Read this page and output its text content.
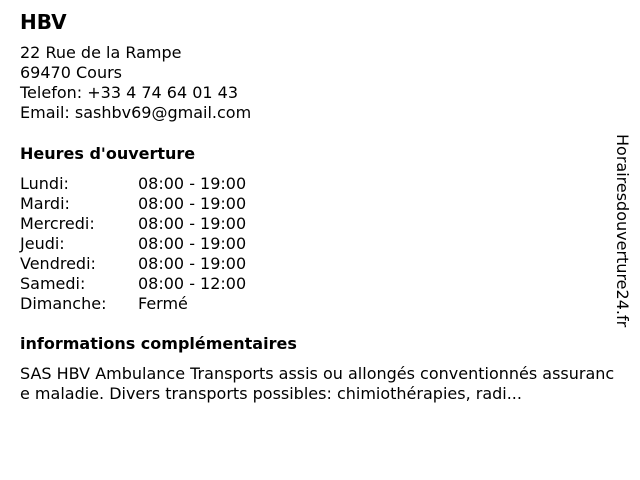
HBV
22 Rue de la Rampe
69470 Cours
Telefon: +33 4 74 64 01 43
Email: sashbv69@gmail.com
Heures d'ouverture
Lundi:	08:00 - 19:00
Mardi:	08:00 - 19:00
Mercredi:	08:00 - 19:00
Jeudi:	08:00 - 19:00
Vendredi:	08:00 - 19:00
Samedi:	08:00 - 12:00
Dimanche:	Fermé
informations complémentaires
SAS HBV Ambulance Transports assis ou allongés conventionnés assurance maladie. Divers transports possibles: chimiothérapies, radi...
Horairesdouverture24.fr
